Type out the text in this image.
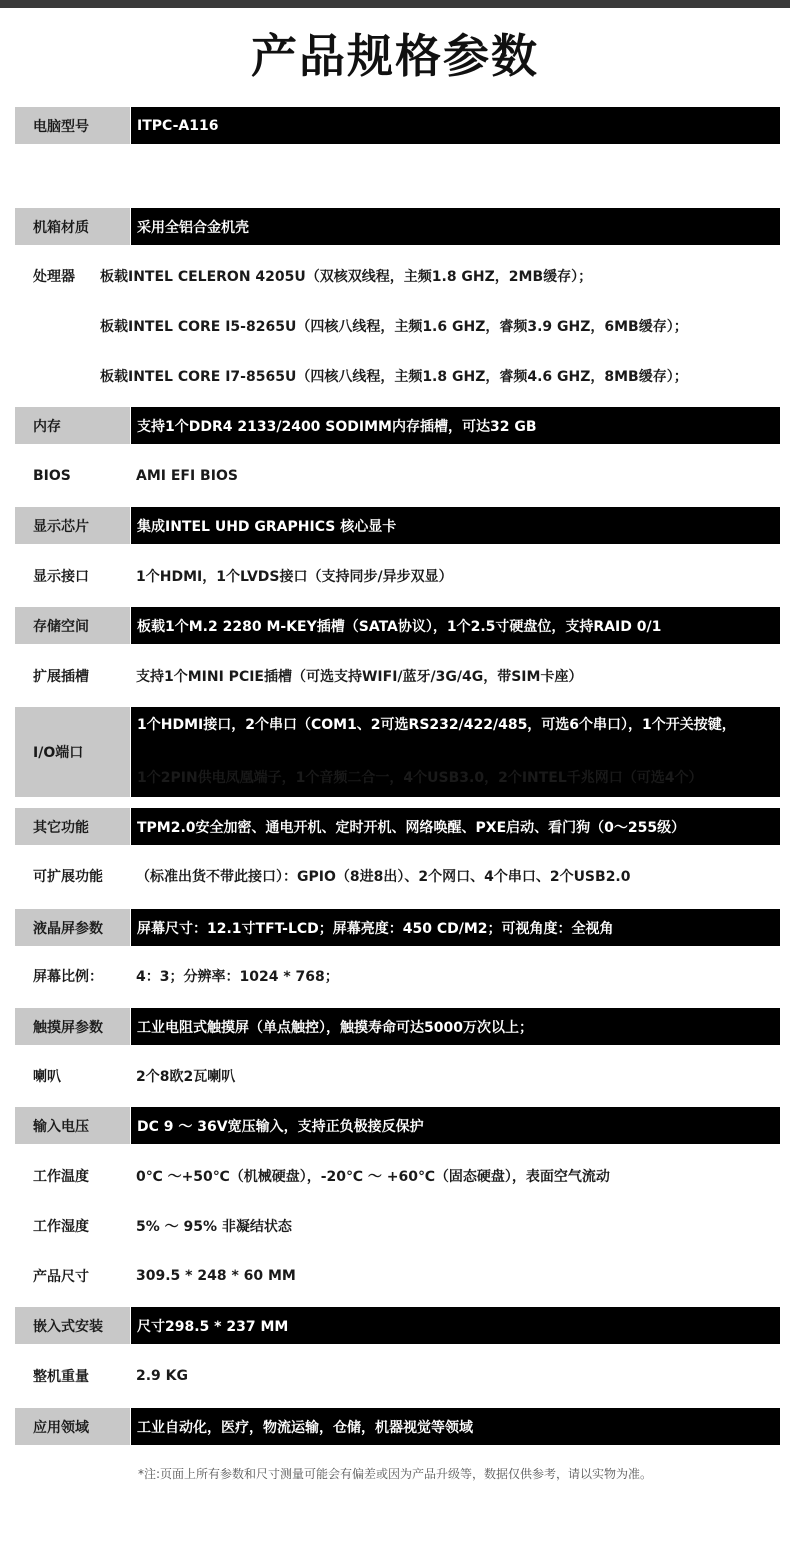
产品规格参数
电脑型号	ITPC-A116
机箱材质	采用全铝合金机壳
处理器 板载INTEL CELERON 4205U（双核双线程，主频1.8 GHZ，2MB缓存）；
板载INTEL CORE I5-8265U（四核八线程，主频1.6 GHZ，睿频3.9 GHZ，6MB缓存）；
板载INTEL CORE I7-8565U（四核八线程，主频1.8 GHZ，睿频4.6 GHZ，8MB缓存）；
内存	支持1个DDR4 2133/2400 SODIMM内存插槽，可达32 GB
BIOS	AMI EFI BIOS
显示芯片	集成INTEL UHD GRAPHICS 核心显卡
显示接口	1个HDMI，1个LVDS接口（支持同步/异步双显）
存储空间	板载1个M.2 2280 M-KEY插槽（SATA协议），1个2.5寸硬盘位，支持RAID 0/1
扩展插槽	支持1个MINI PCIE插槽（可选支持WIFI/蓝牙/3G/4G，带SIM卡座）
I/O端口
1个HDMI接口，2个串口（COM1、2可选RS232/422/485，可选6个串口），1个开关按键，
1个2PIN供电凤凰端子，1个音频二合一，4个USB3.0，2个INTEL千兆网口（可选4个）
其它功能	TPM2.0安全加密、通电开机、定时开机、网络唤醒、PXE启动、看门狗（0～255级）
可扩展功能	（标准出货不带此接口）：GPIO（8进8出）、2个网口、4个串口、2个USB2.0
液晶屏参数	屏幕尺寸：12.1寸TFT-LCD；屏幕亮度：450 CD/M2；可视角度：全视角
屏幕比例：	4：3；分辨率：1024 * 768；
触摸屏参数	工业电阻式触摸屏（单点触控），触摸寿命可达5000万次以上；
喇叭	2个8欧2瓦喇叭
输入电压	DC 9 ～ 36V宽压输入，支持正负极接反保护
工作温度	0℃ ～+50℃（机械硬盘），-20℃ ～ +60℃（固态硬盘），表面空气流动
工作湿度	5% ～ 95% 非凝结状态
产品尺寸	309.5 * 248 * 60 MM
嵌入式安装	尺寸298.5 * 237 MM
整机重量	2.9 KG
应用领域	工业自动化，医疗，物流运输，仓储，机器视觉等领域
*注:页面上所有参数和尺寸测量可能会有偏差或因为产品升级等，数据仅供参考，请以实物为准。
